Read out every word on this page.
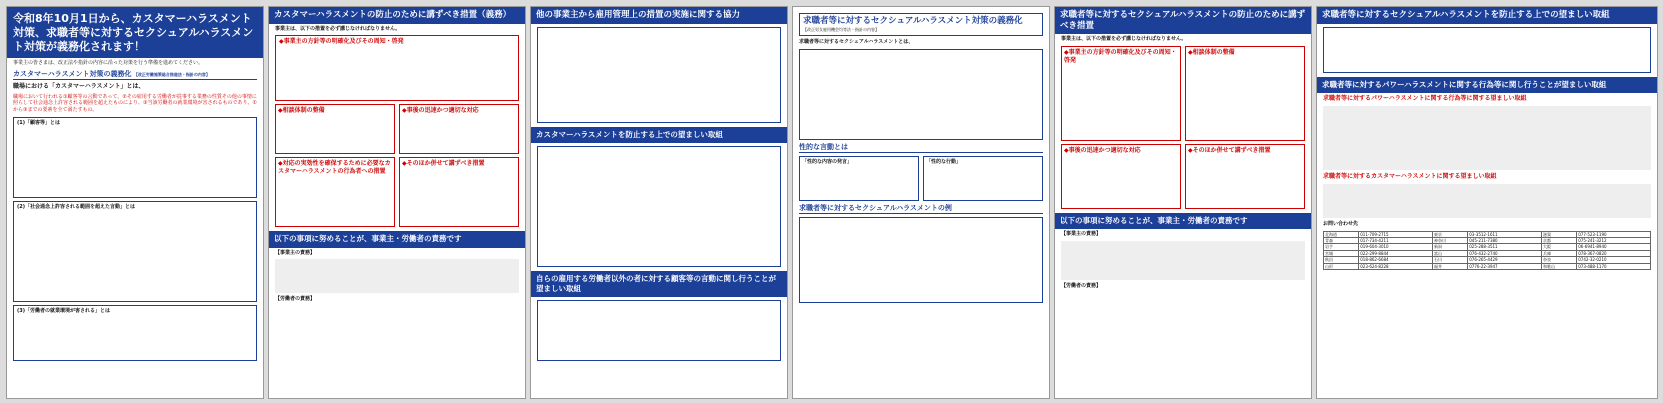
令和8年10月1日から、カスタマーハラスメント対策、求職者等に対するセクシュアルハラスメント対策が義務化されます！
事業主の皆さまは、改正法や指針の内容に沿った対策を行う準備を進めてください。
カスタマーハラスメント対策の義務化 【改正労働施策総合推進法・指針の内容】
職場における「カスタマーハラスメント」とは、
職場において行われる①顧客等の言動であって、②その雇用する労働者が従事する業務の性質その他の事情に照らして社会通念上許容される範囲を超えたものにより、③当該労働者の就業環境が害されるものであり、①から③までの要素を全て満たすもの。
(1)「顧客等」とは
(2)「社会通念上許容される範囲を超えた言動」とは
(3)「労働者の就業環境が害される」とは
カスタマーハラスメントの防止のために講ずべき措置（義務）
事業主は、以下の措置を必ず講じなければなりません。
◆事業主の方針等の明確化及びその周知・啓発
◆相談体制の整備	◆事後の迅速かつ適切な対応
◆対応の実効性を確保するために必要なカスタマーハラスメントの行為者への措置
◆そのほか併せて講ずべき措置
以下の事項に努めることが、事業主・労働者の責務です
【事業主の責務】
【労働者の責務】
他の事業主から雇用管理上の措置の実施に関する協力
カスタマーハラスメントを防止する上での望ましい取組
自らの雇用する労働者以外の者に対する顧客等の言動に関し行うことが望ましい取組
求職者等に対するセクシュアルハラスメント対策の義務化
【改正男女雇用機会均等法・指針の内容】
求職者等に対するセクシュアルハラスメントとは、
性的な言動とは
「性的な内容の発言」	「性的な行動」
求職者等に対するセクシュアルハラスメントの例
求職者等に対するセクシュアルハラスメントの防止のために講ずべき措置
事業主は、以下の措置を必ず講じなければなりません。
◆事業主の方針等の明確化及びその周知・啓発
◆相談体制の整備
◆事後の迅速かつ適切な対応	◆そのほか併せて講ずべき措置
以下の事項に努めることが、事業主・労働者の責務です
【事業主の責務】
【労働者の責務】
求職者等に対するセクシュアルハラスメントを防止する上での望ましい取組
求職者等に対するパワーハラスメントに関する行為等に関し行うことが望ましい取組
求職者等に対するパワーハラスメントに関する行為等に関する望ましい取組
求職者等に対するカスタマーハラスメントに関する望ましい取組
お問い合わせ先
北海道	011-709-2715	東京	03-3512-1611	滋賀	077-523-1190
青森	017-734-4211	神奈川	045-211-7380	京都	075-241-3212
岩手	019-604-3010	新潟	025-288-3511	大阪	06-6941-8940
宮城	022-299-8844	富山	076-432-2740	兵庫	078-367-0820
秋田	018-862-6684	石川	076-265-4429	奈良	0742-32-0210
山形	023-624-8228	福井	0776-22-3947	和歌山	073-488-1170
